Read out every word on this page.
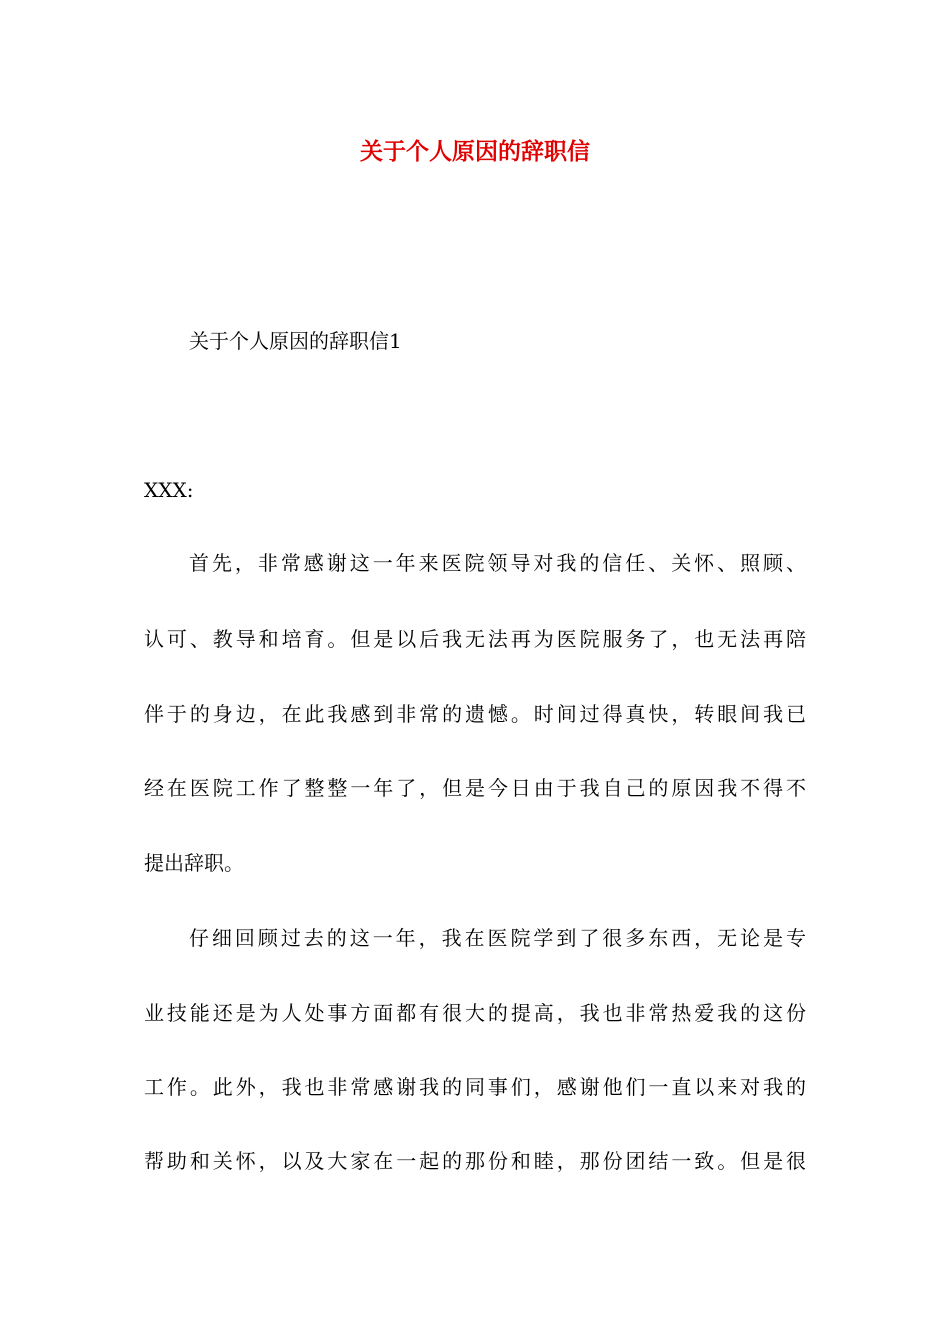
关于个人原因的辞职信

关于个人原因的辞职信1

XXX:

首先，非常感谢这一年来医院领导对我的信任、关怀、照顾、

认可、教导和培育。但是以后我无法再为医院服务了，也无法再陪

伴于的身边，在此我感到非常的遗憾。时间过得真快，转眼间我已

经在医院工作了整整一年了，但是今日由于我自己的原因我不得不

提出辞职。

仔细回顾过去的这一年，我在医院学到了很多东西，无论是专

业技能还是为人处事方面都有很大的提高，我也非常热爱我的这份

工作。此外，我也非常感谢我的同事们，感谢他们一直以来对我的

帮助和关怀，以及大家在一起的那份和睦，那份团结一致。但是很
